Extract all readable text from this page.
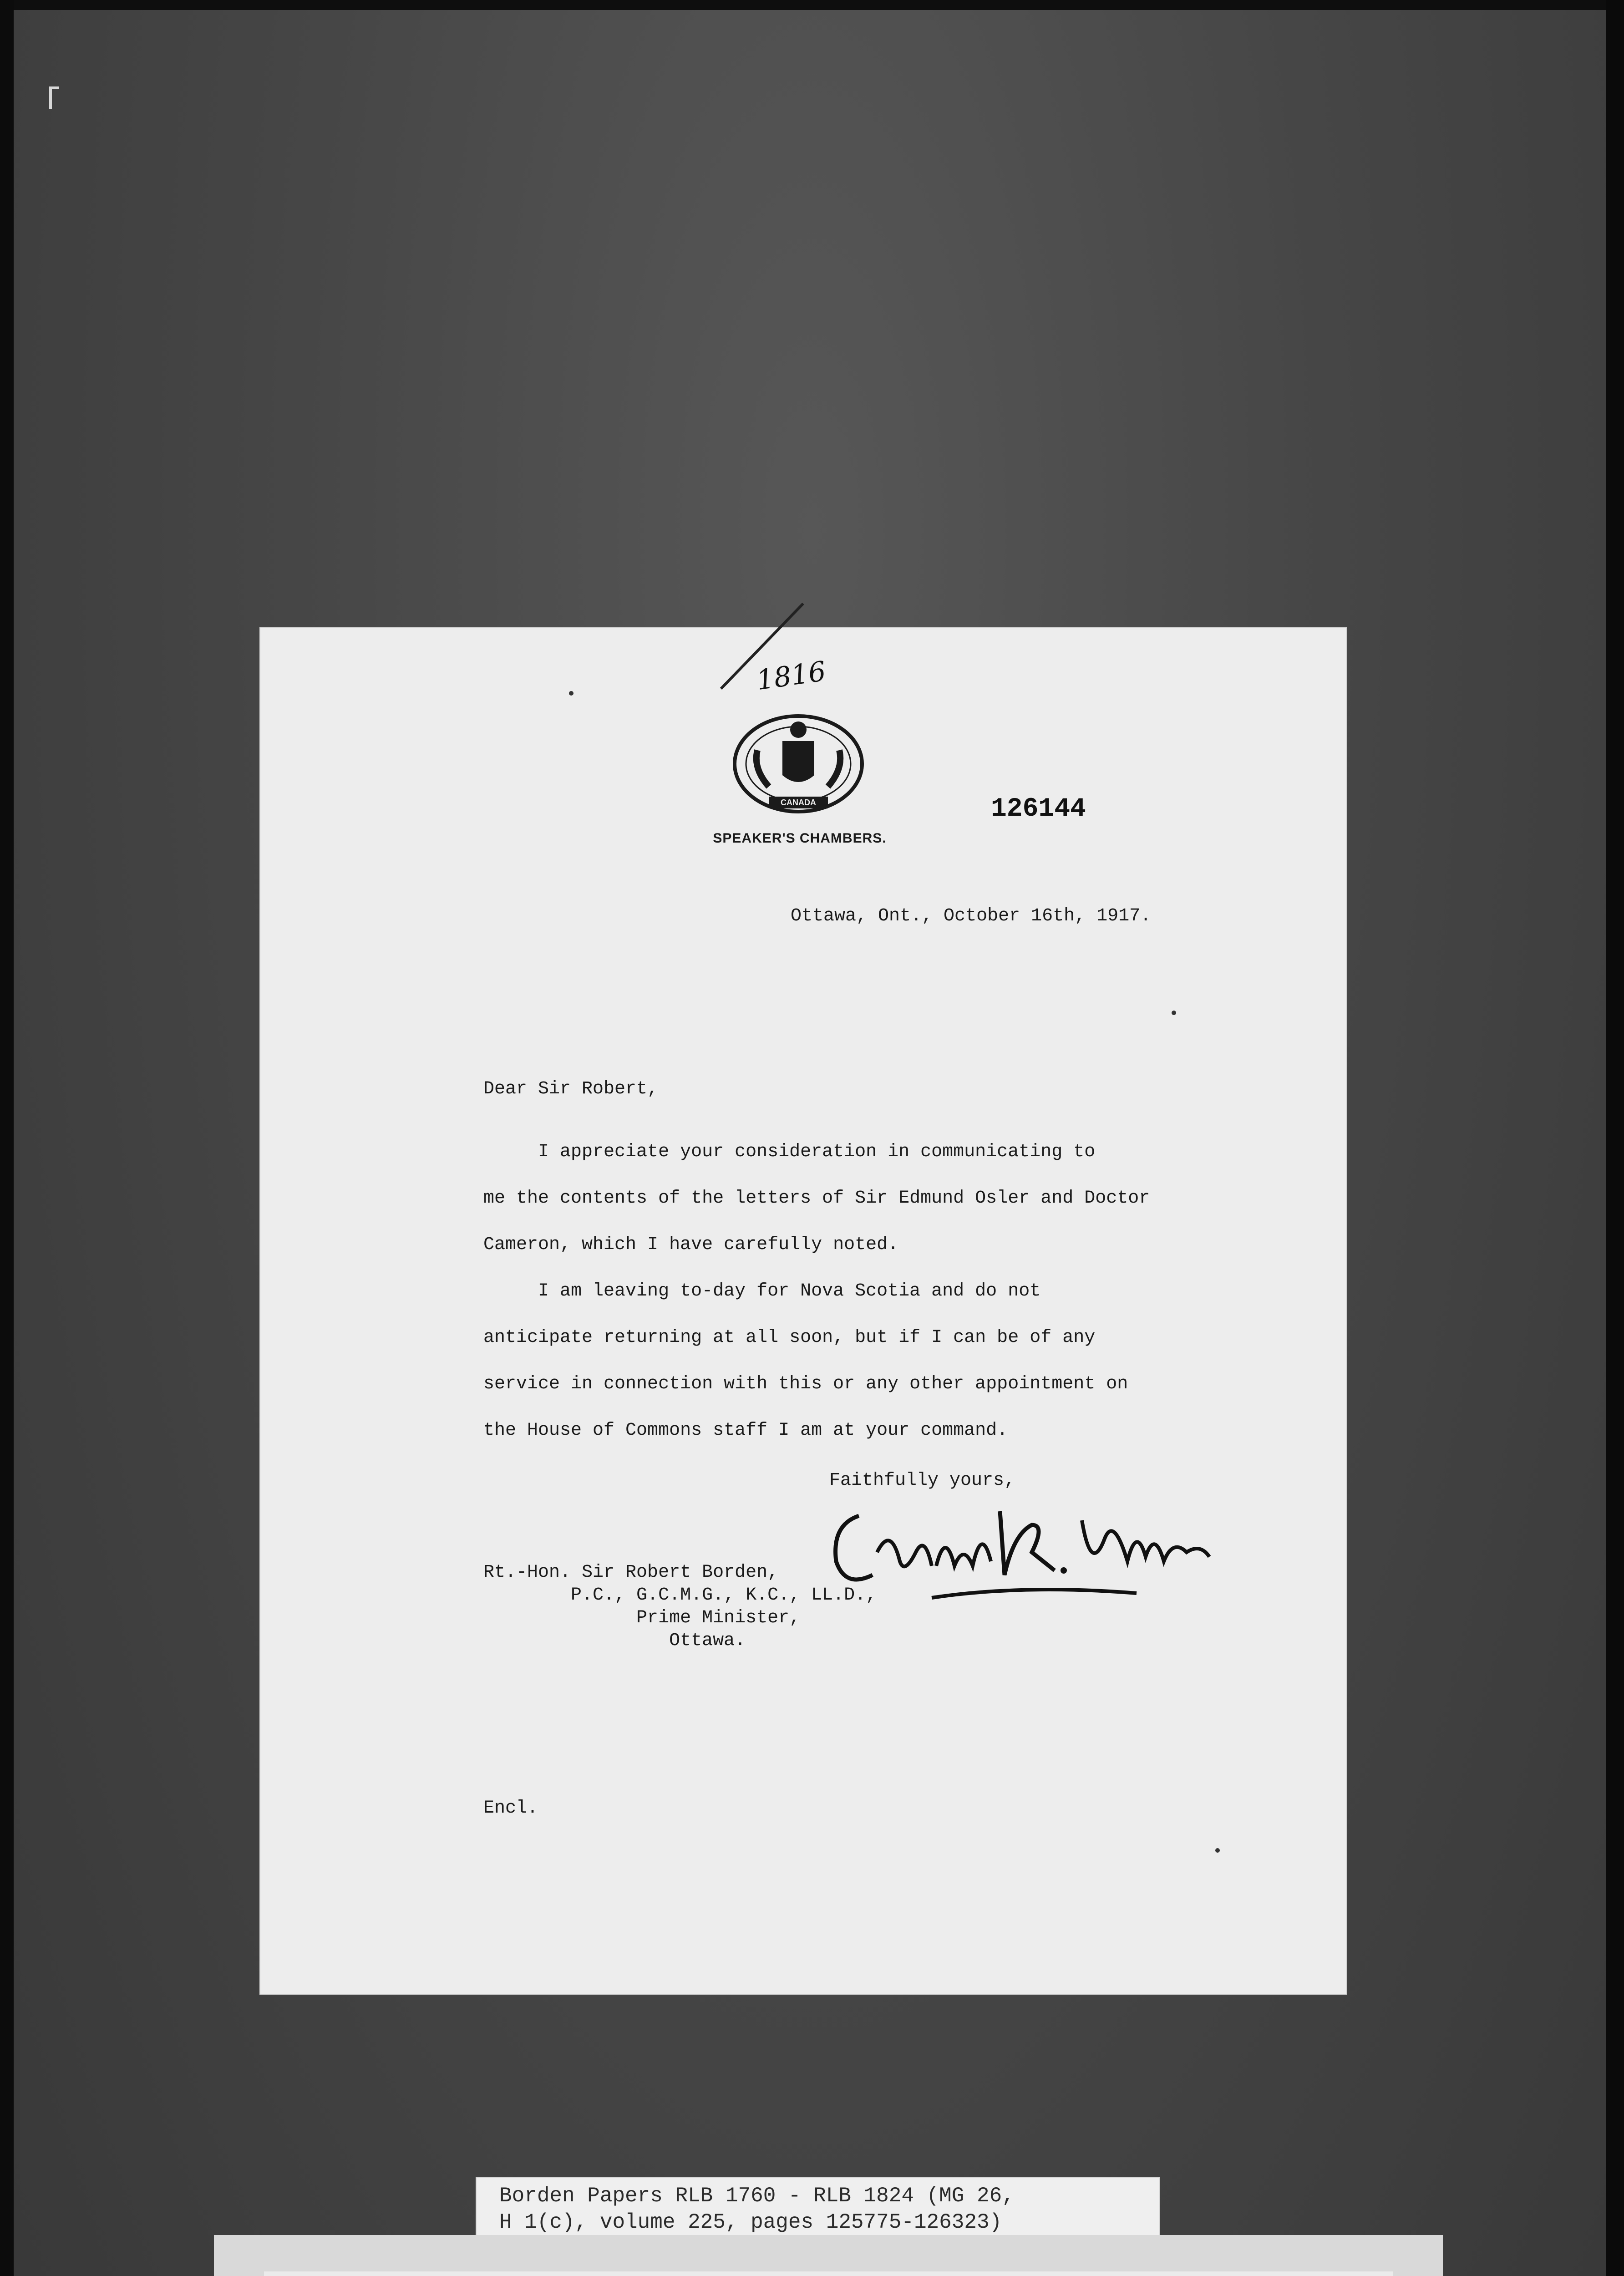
1816
CANADA
SPEAKER'S CHAMBERS.
126144
Ottawa, Ont., October 16th, 1917.
Dear Sir Robert,
I appreciate your consideration in communicating to
me the contents of the letters of Sir Edmund Osler and Doctor
Cameron, which I have carefully noted.
I am leaving to-day for Nova Scotia and do not
anticipate returning at all soon, but if I can be of any
service in connection with this or any other appointment on
the House of Commons staff I am at your command.
Faithfully yours,
Rt.-Hon. Sir Robert Borden,
P.C., G.C.M.G., K.C., LL.D.,
Prime Minister,
Ottawa.
Encl.
Borden Papers RLB 1760 - RLB 1824 (MG 26,
H 1(c), volume 225, pages 125775-126323)
